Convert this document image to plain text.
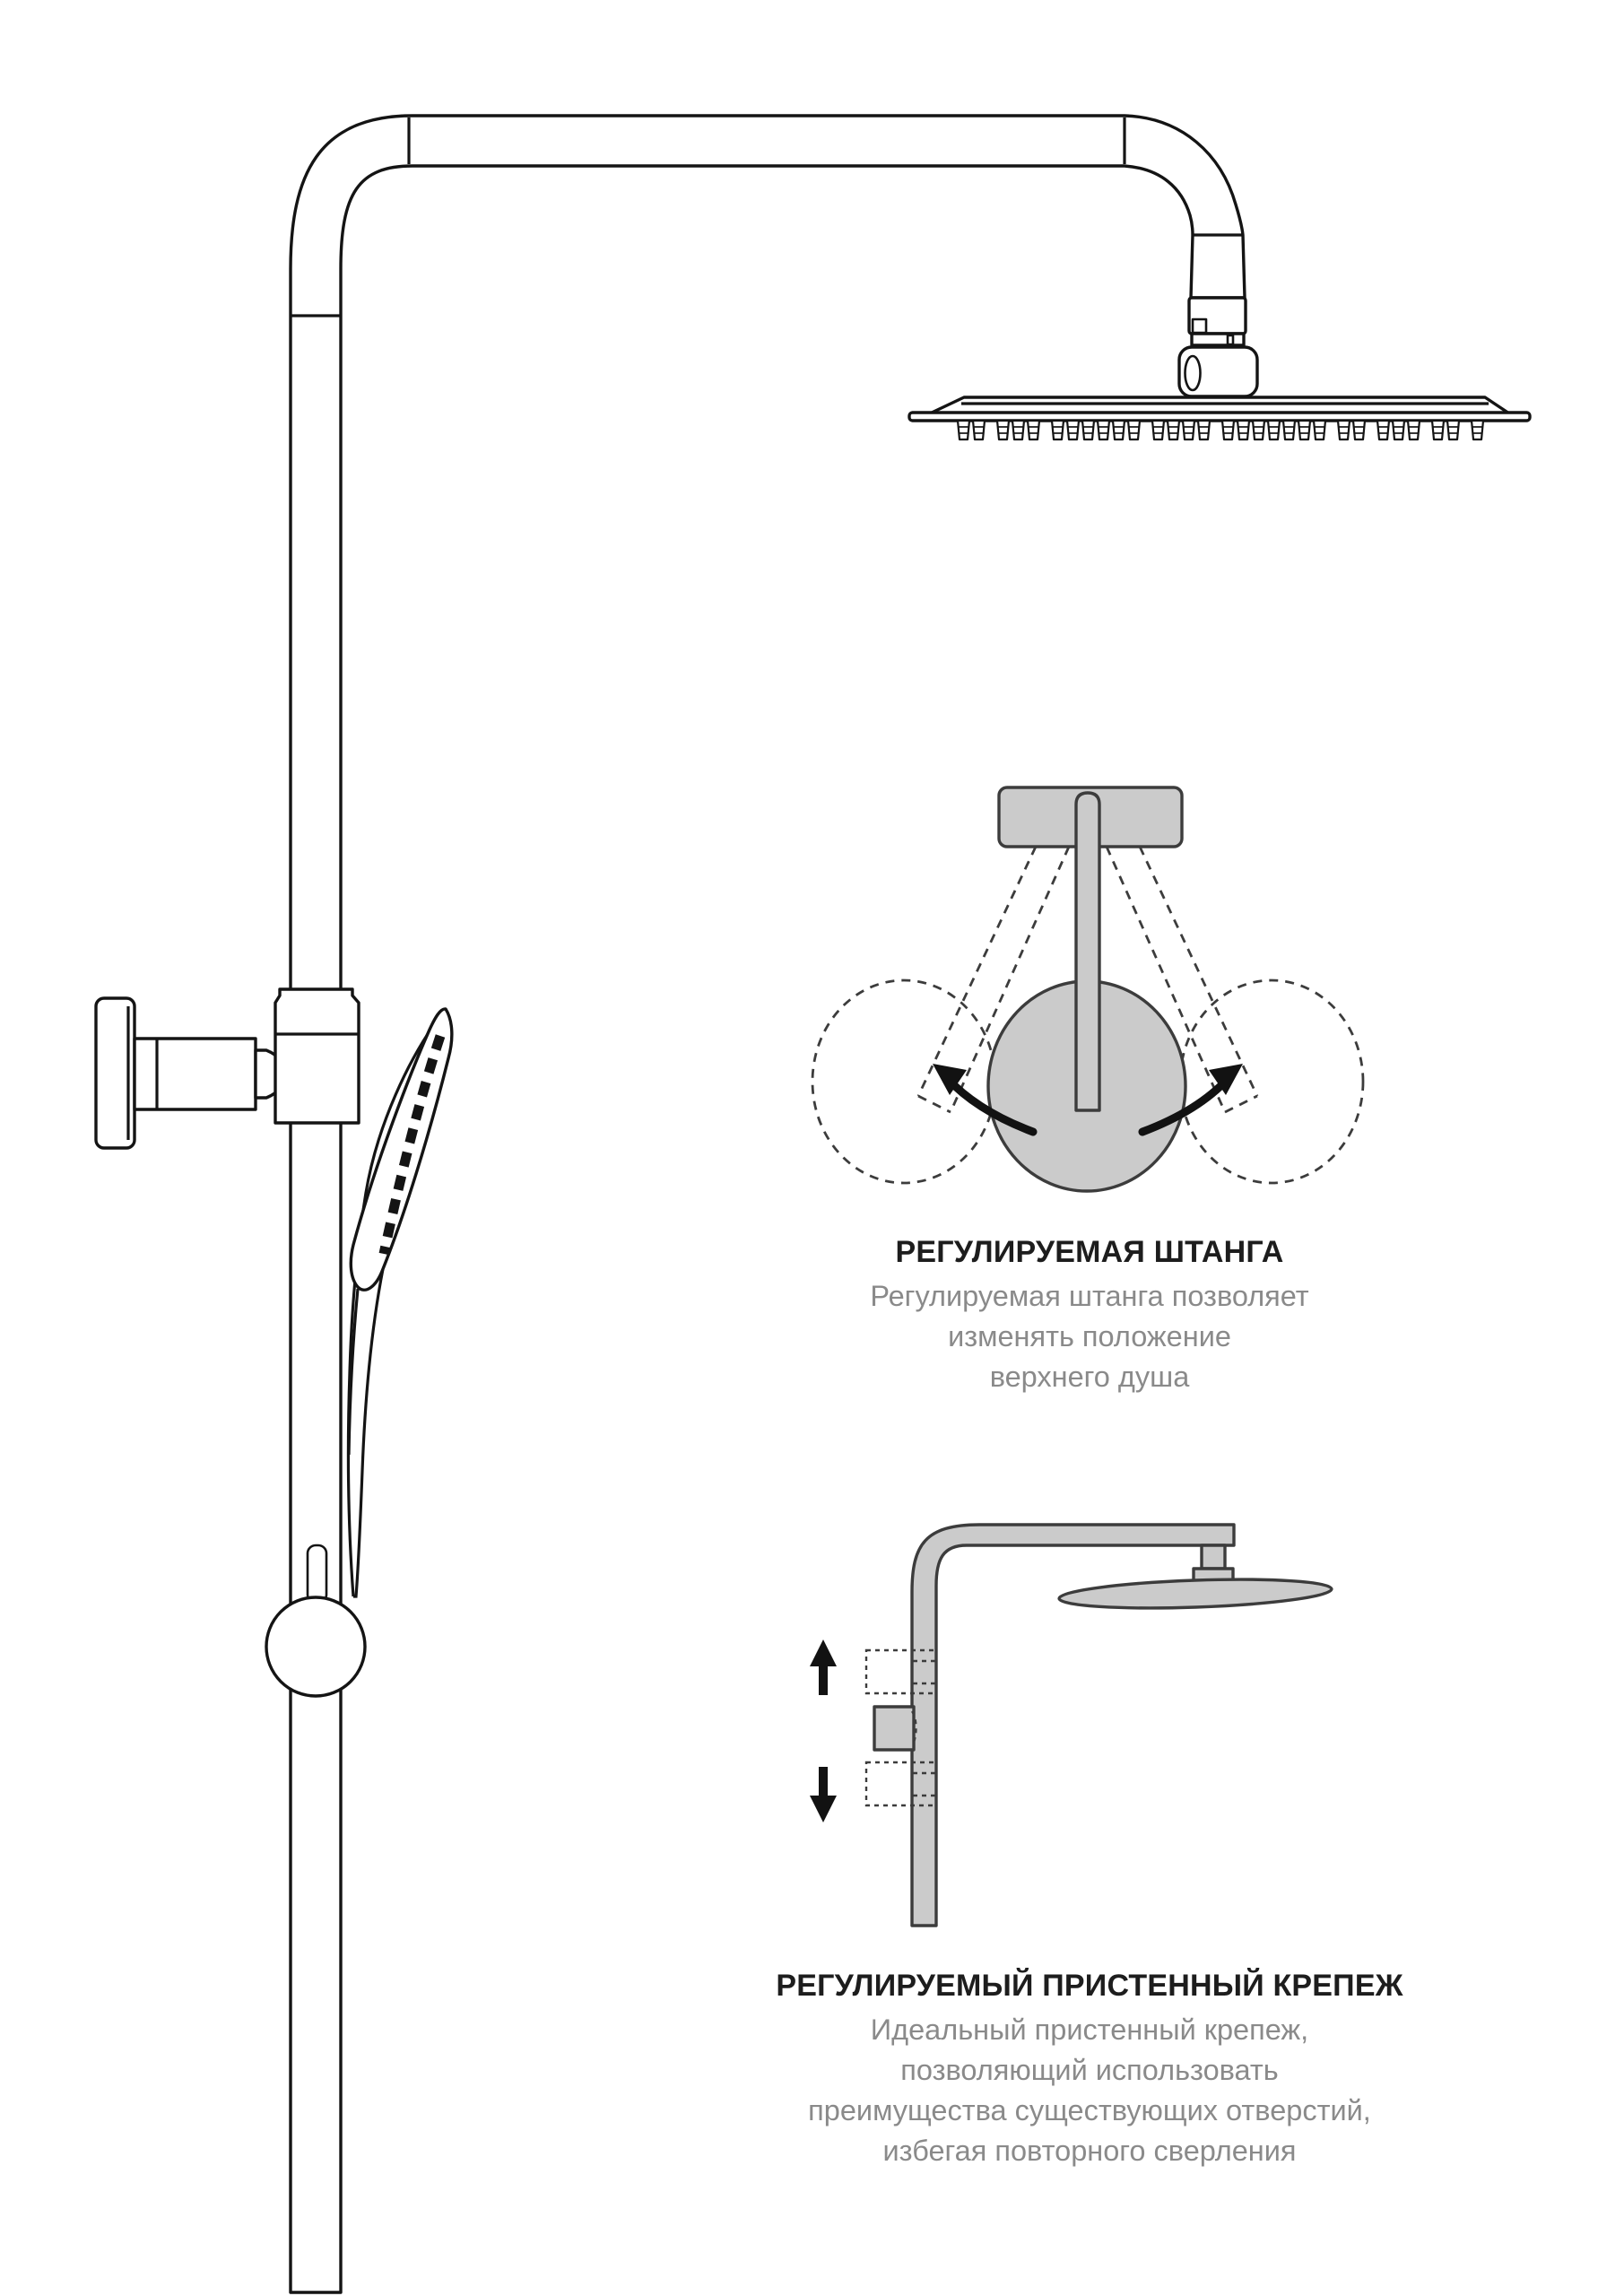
РЕГУЛИРУЕМАЯ ШТАНГА
Регулируемая штанга позволяет
изменять положение
верхнего душа
РЕГУЛИРУЕМЫЙ ПРИСТЕННЫЙ КРЕПЕЖ
Идеальный пристенный крепеж,
позволяющий использовать
преимущества существующих отверстий,
избегая повторного сверления
